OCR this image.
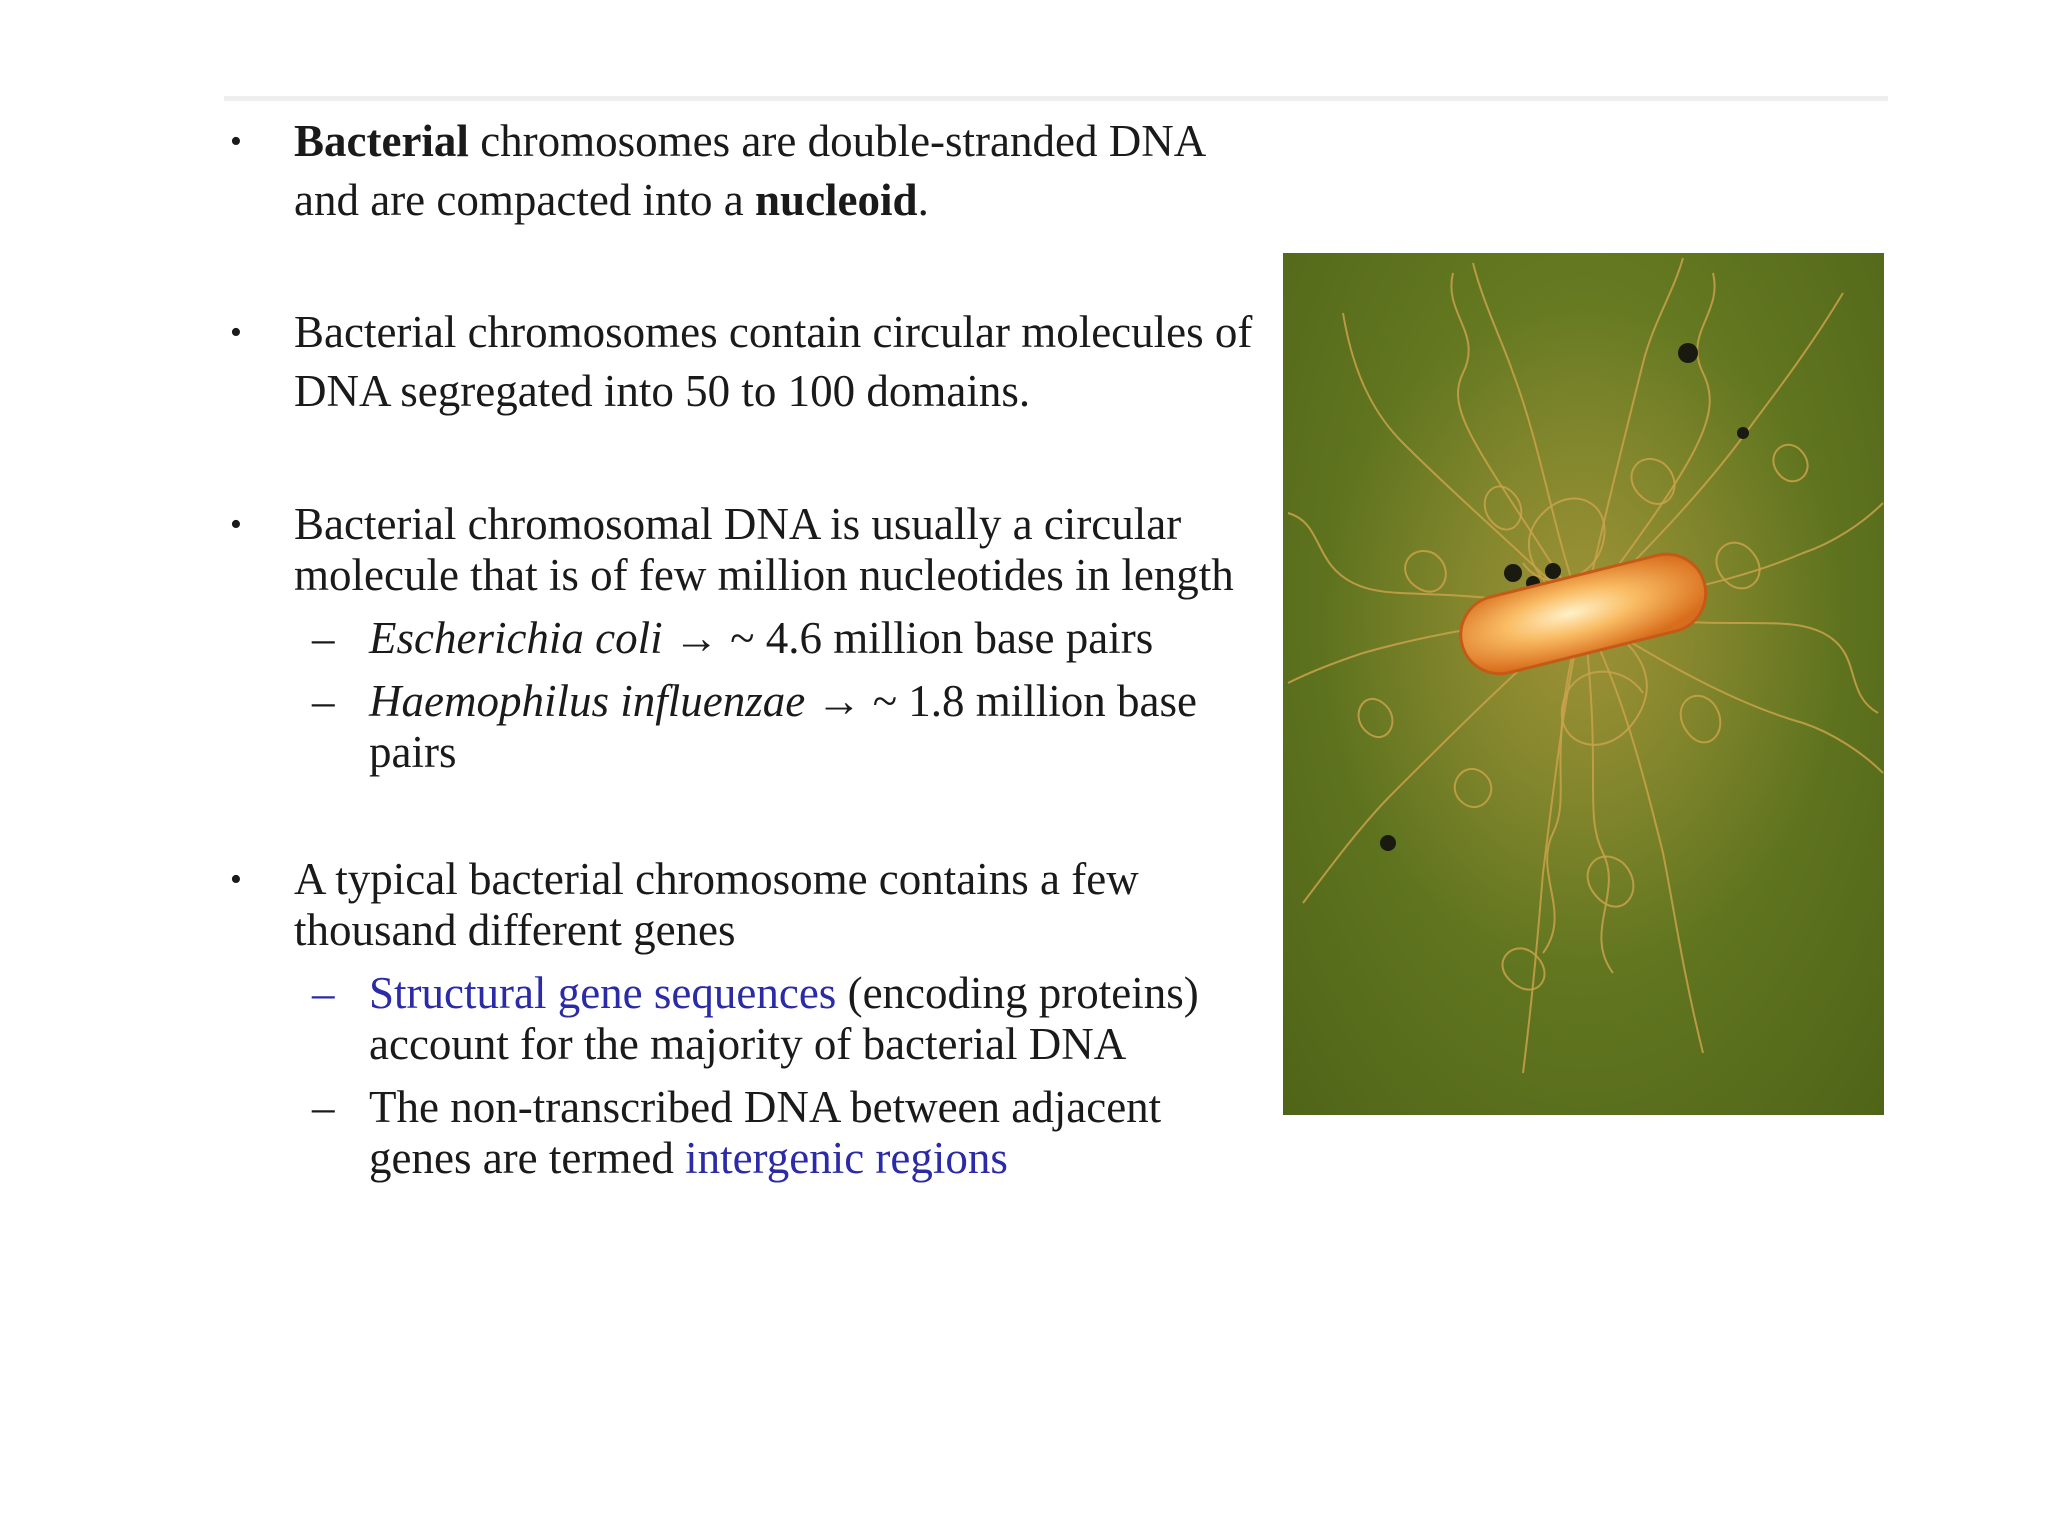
• Bacterial chromosomes are double-stranded DNA and are compacted into a nucleoid.
• Bacterial chromosomes contain circular molecules of DNA segregated into 50 to 100 domains.
• Bacterial chromosomal DNA is usually a circular molecule that is of few million nucleotides in length
– Escherichia coli → ~ 4.6 million base pairs
– Haemophilus influenzae → ~ 1.8 million base pairs
• A typical bacterial chromosome contains a few thousand different genes
– Structural gene sequences (encoding proteins) account for the majority of bacterial DNA
– The non-transcribed DNA between adjacent genes are termed intergenic regions
